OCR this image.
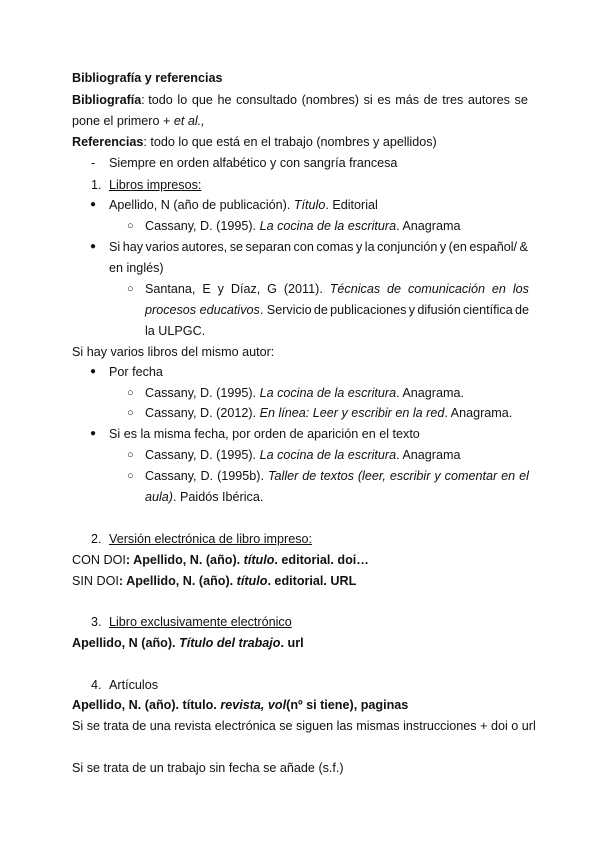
Bibliografía y referencias
Bibliografía : todo lo que he consultado (nombres) si es más de tres autores se
pone el primero + et al.,
Referencias: todo lo que está en el trabajo (nombres y apellidos)
- Siempre en orden alfabético y con sangría francesa
1. Libros impresos:
● Apellido, N (año de publicación). Título. Editorial
○ Cassany, D. (1995). La cocina de la escritura. Anagrama
● Si hay varios autores, se separan con comas y la conjunción y (en español/ &
en inglés)
○ Santana, E y Díaz, G (2011). Técnicas de comunicación en los
procesos educativos . Servicio de publicaciones y difusión científica de
la ULPGC.
Si hay varios libros del mismo autor:
● Por fecha
○ Cassany, D. (1995). La cocina de la escritura. Anagrama.
○ Cassany, D. (2012). En línea: Leer y escribir en la red. Anagrama.
● Si es la misma fecha, por orden de aparición en el texto
○ Cassany, D. (1995). La cocina de la escritura. Anagrama
○ Cassany, D. (1995b). Taller de textos (leer, escribir y comentar en el
aula). Paidós Ibérica.
2. Versión electrónica de libro impreso:
CON DOI: Apellido, N. (año). título. editorial. doi…
SIN DOI: Apellido, N. (año). título. editorial. URL
3. Libro exclusivamente electrónico
Apellido, N (año). Título del trabajo. url
4. Artículos
Apellido, N. (año). título. revista, vol(nº si tiene), paginas
Si se trata de una revista electrónica se siguen las mismas instrucciones + doi o url
Si se trata de un trabajo sin fecha se añade (s.f.)
